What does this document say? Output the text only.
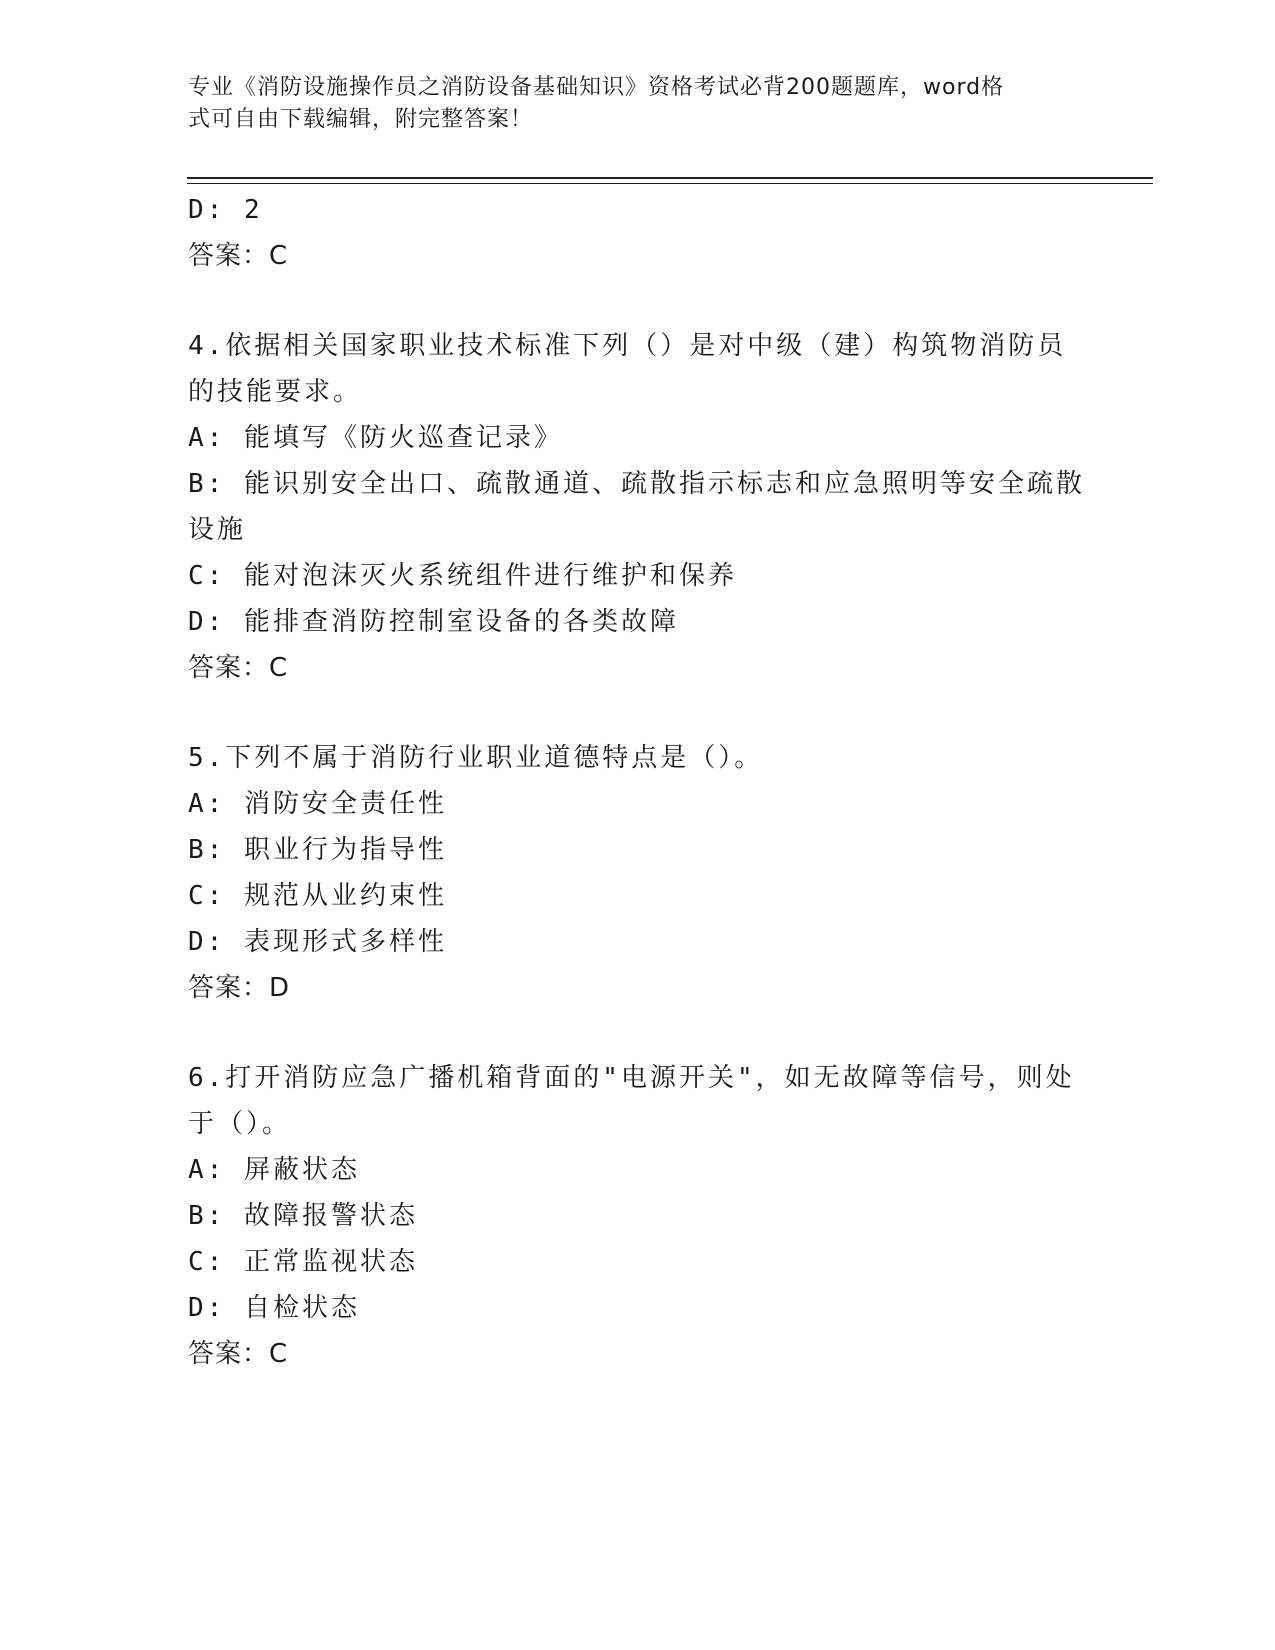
专业《消防设施操作员之消防设备基础知识》资格考试必背200题题库，word格
式可自由下载编辑，附完整答案！
D: 2
答案：C
4.依据相关国家职业技术标准下列（）是对中级（建）构筑物消防员
的技能要求。
A: 能填写《防火巡查记录》
B: 能识别安全出口、疏散通道、疏散指示标志和应急照明等安全疏散
设施
C: 能对泡沫灭火系统组件进行维护和保养
D: 能排查消防控制室设备的各类故障
答案：C
5.下列不属于消防行业职业道德特点是（）。
A: 消防安全责任性
B: 职业行为指导性
C: 规范从业约束性
D: 表现形式多样性
答案：D
6.打开消防应急广播机箱背面的"电源开关"，如无故障等信号，则处
于（）。
A: 屏蔽状态
B: 故障报警状态
C: 正常监视状态
D: 自检状态
答案：C
